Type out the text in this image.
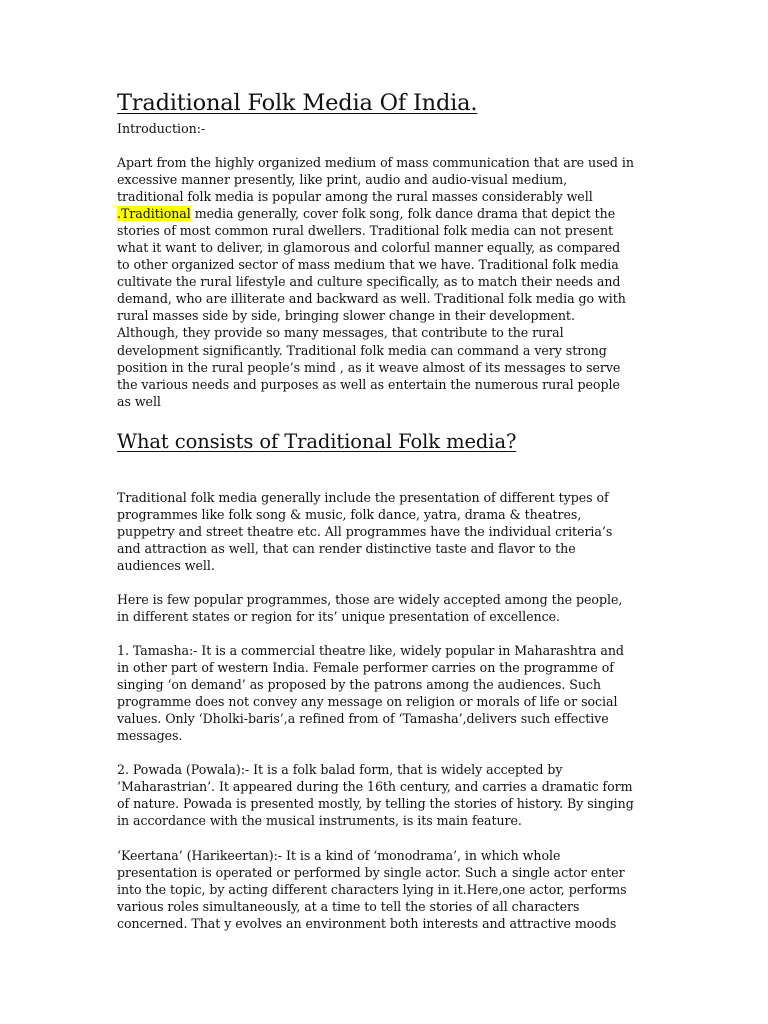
Traditional Folk Media Of India.

Introduction:-

Apart from the highly organized medium of mass communication that are used in
excessive manner presently, like print, audio and audio-visual medium,
traditional folk media is popular among the rural masses considerably well
.Traditional media generally, cover folk song, folk dance drama that depict the
stories of most common rural dwellers. Traditional folk media can not present
what it want to deliver, in glamorous and colorful manner equally, as compared
to other organized sector of mass medium that we have. Traditional folk media
cultivate the rural lifestyle and culture specifically, as to match their needs and
demand, who are illiterate and backward as well. Traditional folk media go with
rural masses side by side, bringing slower change in their development.
Although, they provide so many messages, that contribute to the rural
development significantly. Traditional folk media can command a very strong
position in the rural people’s mind , as it weave almost of its messages to serve
the various needs and purposes as well as entertain the numerous rural people
as well
What consists of Traditional Folk media?
Traditional folk media generally include the presentation of different types of
programmes like folk song & music, folk dance, yatra, drama & theatres,
puppetry and street theatre etc. All programmes have the individual criteria’s
and attraction as well, that can render distinctive taste and flavor to the
audiences well.
Here is few popular programmes, those are widely accepted among the people,
in different states or region for its’ unique presentation of excellence.
1. Tamasha:- It is a commercial theatre like, widely popular in Maharashtra and
in other part of western India. Female performer carries on the programme of
singing ‘on demand’ as proposed by the patrons among the audiences. Such
programme does not convey any message on religion or morals of life or social
values. Only ‘Dholki-baris’,a refined from of ‘Tamasha’,delivers such effective
messages.
2. Powada (Powala):- It is a folk balad form, that is widely accepted by
‘Maharastrian’. It appeared during the 16th century, and carries a dramatic form
of nature. Powada is presented mostly, by telling the stories of history. By singing
in accordance with the musical instruments, is its main feature.
‘Keertana’ (Harikeertan):- It is a kind of ‘monodrama’, in which whole
presentation is operated or performed by single actor. Such a single actor enter
into the topic, by acting different characters lying in it.Here,one actor, performs
various roles simultaneously, at a time to tell the stories of all characters
concerned. That y evolves an environment both interests and attractive moods
